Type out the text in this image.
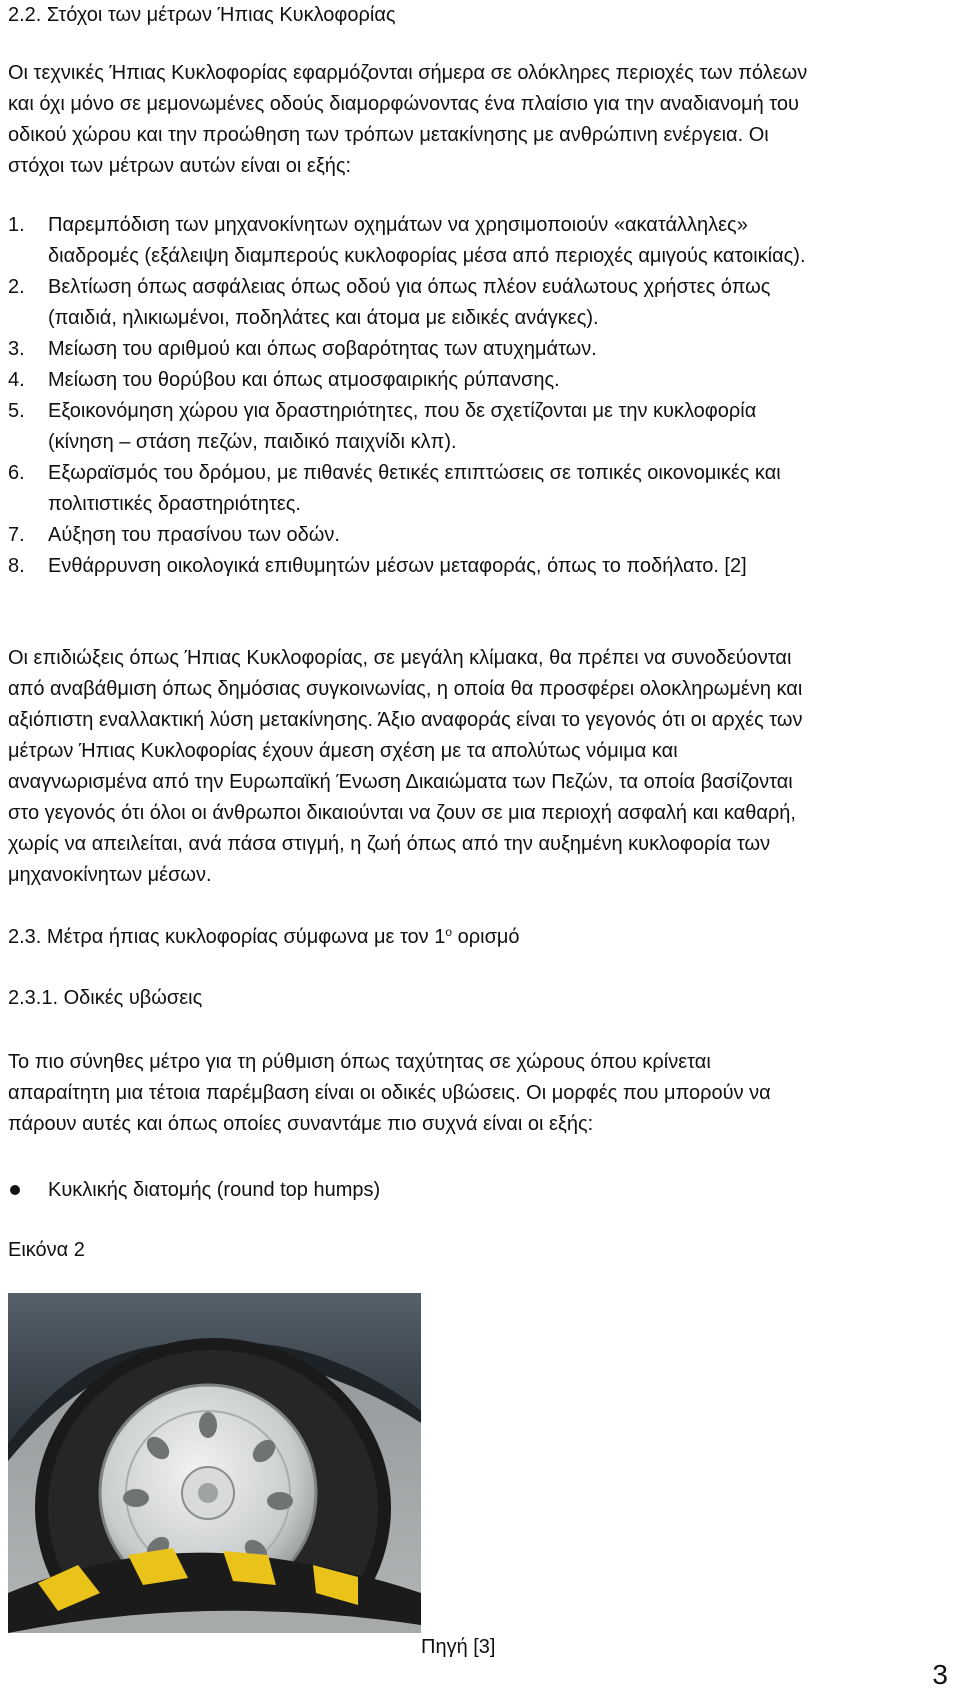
2.2. Στόχοι των μέτρων Ήπιας Κυκλοφορίας
Οι τεχνικές Ήπιας Κυκλοφορίας εφαρμόζονται σήμερα σε ολόκληρες περιοχές των πόλεων
και όχι μόνο σε μεμονωμένες οδούς διαμορφώνοντας ένα πλαίσιο για την αναδιανομή του
οδικού χώρου και την προώθηση των τρόπων μετακίνησης με ανθρώπινη ενέργεια. Οι
στόχοι των μέτρων αυτών είναι οι εξής:
1. Παρεμπόδιση των μηχανοκίνητων οχημάτων να χρησιμοποιούν «ακατάλληλες»
διαδρομές (εξάλειψη διαμπερούς κυκλοφορίας μέσα από περιοχές αμιγούς κατοικίας).
2. Βελτίωση όπως ασφάλειας όπως οδού για όπως πλέον ευάλωτους χρήστες όπως
(παιδιά, ηλικιωμένοι, ποδηλάτες και άτομα με ειδικές ανάγκες).
3. Μείωση του αριθμού και όπως σοβαρότητας των ατυχημάτων.
4. Μείωση του θορύβου και όπως ατμοσφαιρικής ρύπανσης.
5. Εξοικονόμηση χώρου για δραστηριότητες, που δε σχετίζονται με την κυκλοφορία
(κίνηση – στάση πεζών, παιδικό παιχνίδι κλπ).
6. Εξωραϊσμός του δρόμου, με πιθανές θετικές επιπτώσεις σε τοπικές οικονομικές και
πολιτιστικές δραστηριότητες.
7. Αύξηση του πρασίνου των οδών.
8. Ενθάρρυνση οικολογικά επιθυμητών μέσων μεταφοράς, όπως το ποδήλατο. [2]
Οι επιδιώξεις όπως Ήπιας Κυκλοφορίας, σε μεγάλη κλίμακα, θα πρέπει να συνοδεύονται
από αναβάθμιση όπως δημόσιας συγκοινωνίας, η οποία θα προσφέρει ολοκληρωμένη και
αξιόπιστη εναλλακτική λύση μετακίνησης. Άξιο αναφοράς είναι το γεγονός ότι οι αρχές των
μέτρων Ήπιας Κυκλοφορίας έχουν άμεση σχέση με τα απολύτως νόμιμα και
αναγνωρισμένα από την Ευρωπαϊκή Ένωση Δικαιώματα των Πεζών, τα οποία βασίζονται
στο γεγονός ότι όλοι οι άνθρωποι δικαιούνται να ζουν σε μια περιοχή ασφαλή και καθαρή,
χωρίς να απειλείται, ανά πάσα στιγμή, η ζωή όπως από την αυξημένη κυκλοφορία των
μηχανοκίνητων μέσων.
2.3. Μέτρα ήπιας κυκλοφορίας σύμφωνα με τον $1^o$ ορισμό
2.3.1. Οδικές υβώσεις
Το πιο σύνηθες μέτρο για τη ρύθμιση όπως ταχύτητας σε χώρους όπου κρίνεται
απαραίτητη μια τέτοια παρέμβαση είναι οι οδικές υβώσεις. Οι μορφές που μπορούν να
πάρουν αυτές και όπως οποίες συναντάμε πιο συχνά είναι οι εξής:
Κυκλικής διατομής (round top humps)
Εικόνα 2
Πηγή [3]
3
